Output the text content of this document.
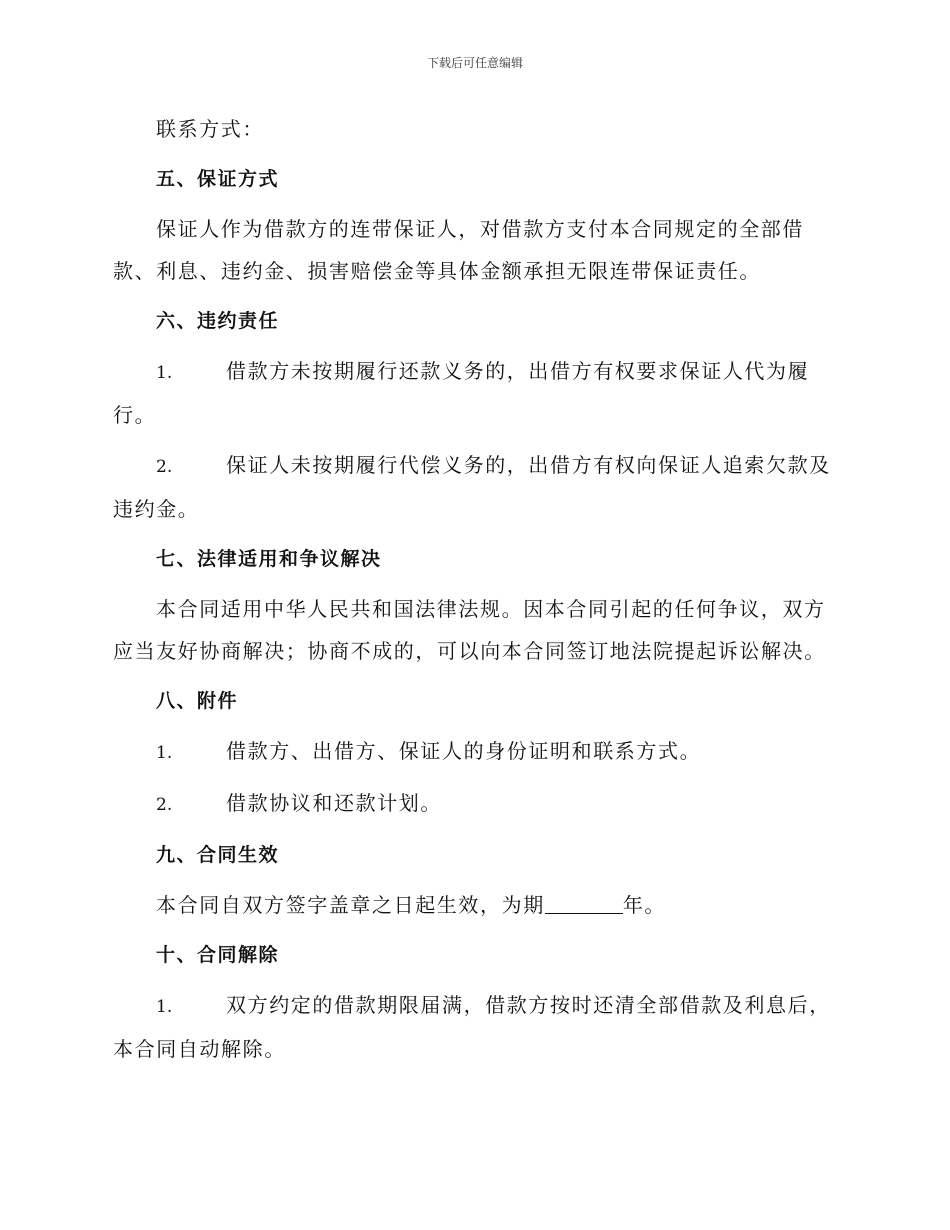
下载后可任意编辑

联系方式：

五、保证方式

保证人作为借款方的连带保证人，对借款方支付本合同规定的全部借

款、利息、违约金、损害赔偿金等具体金额承担无限连带保证责任。

六、违约责任

1.	借款方未按期履行还款义务的，出借方有权要求保证人代为履

行。

2.	保证人未按期履行代偿义务的，出借方有权向保证人追索欠款及

违约金。

七、法律适用和争议解决

本合同适用中华人民共和国法律法规。因本合同引起的任何争议，双方

应当友好协商解决；协商不成的，可以向本合同签订地法院提起诉讼解决。

八、附件

1.	借款方、出借方、保证人的身份证明和联系方式。

2.	借款协议和还款计划。

九、合同生效

本合同自双方签字盖章之日起生效，为期	年。

十、合同解除

1.	双方约定的借款期限届满，借款方按时还清全部借款及利息后，

本合同自动解除。
